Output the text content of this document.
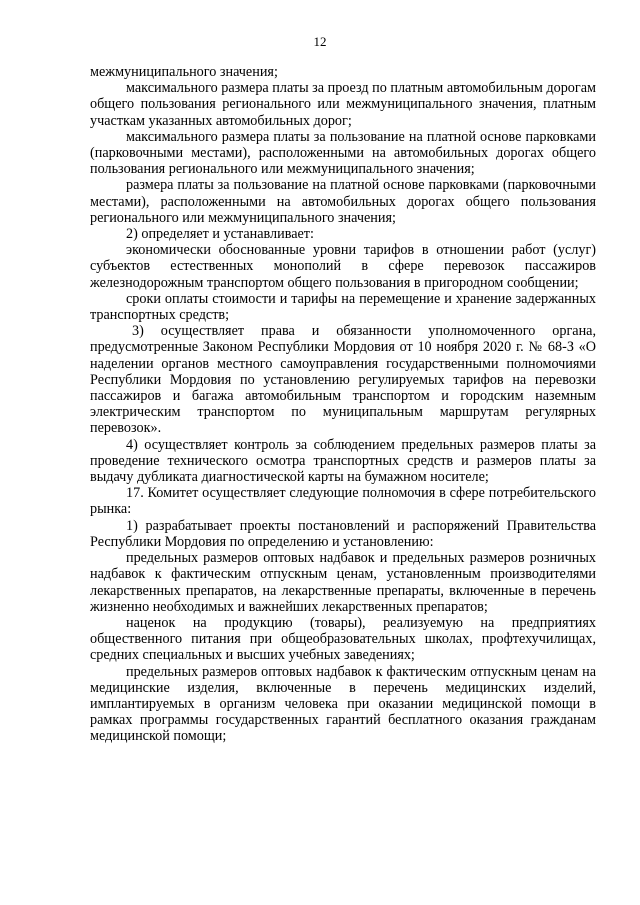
12

межмуниципального значения;

максимального размера платы за проезд по платным автомобильным дорогам общего пользования регионального или межмуниципального значения, платным участкам указанных автомобильных дорог;

максимального размера платы за пользование на платной основе парковками (парковочными местами), расположенными на автомобильных дорогах общего пользования регионального или межмуниципального значения;

размера платы за пользование на платной основе парковками (парковочными местами), расположенными на автомобильных дорогах общего пользования регионального или межмуниципального значения;

2) определяет и устанавливает:

экономически обоснованные уровни тарифов в отношении работ (услуг) субъектов естественных монополий в сфере перевозок пассажиров железнодорожным транспортом общего пользования в пригородном сообщении;

сроки оплаты стоимости и тарифы на перемещение и хранение задержанных транспортных средств;

3) осуществляет права и обязанности уполномоченного органа, предусмотренные Законом Республики Мордовия от 10 ноября 2020 г. № 68-З «О наделении органов местного самоуправления государственными полномочиями Республики Мордовия по установлению регулируемых тарифов на перевозки пассажиров и багажа автомобильным транспортом и городским наземным электрическим транспортом по муниципальным маршрутам регулярных перевозок».

4) осуществляет контроль за соблюдением предельных размеров платы за проведение технического осмотра транспортных средств и размеров платы за выдачу дубликата диагностической карты на бумажном носителе;

17. Комитет осуществляет следующие полномочия в сфере потребительского рынка:

1) разрабатывает проекты постановлений и распоряжений Правительства Республики Мордовия по определению и установлению:

предельных размеров оптовых надбавок и предельных размеров розничных надбавок к фактическим отпускным ценам, установленным производителями лекарственных препаратов, на лекарственные препараты, включенные в перечень жизненно необходимых и важнейших лекарственных препаратов;

наценок на продукцию (товары), реализуемую на предприятиях общественного питания при общеобразовательных школах, профтехучилищах, средних специальных и высших учебных заведениях;

предельных размеров оптовых надбавок к фактическим отпускным ценам на медицинские изделия, включенные в перечень медицинских изделий, имплантируемых в организм человека при оказании медицинской помощи в рамках программы государственных гарантий бесплатного оказания гражданам медицинской помощи;
